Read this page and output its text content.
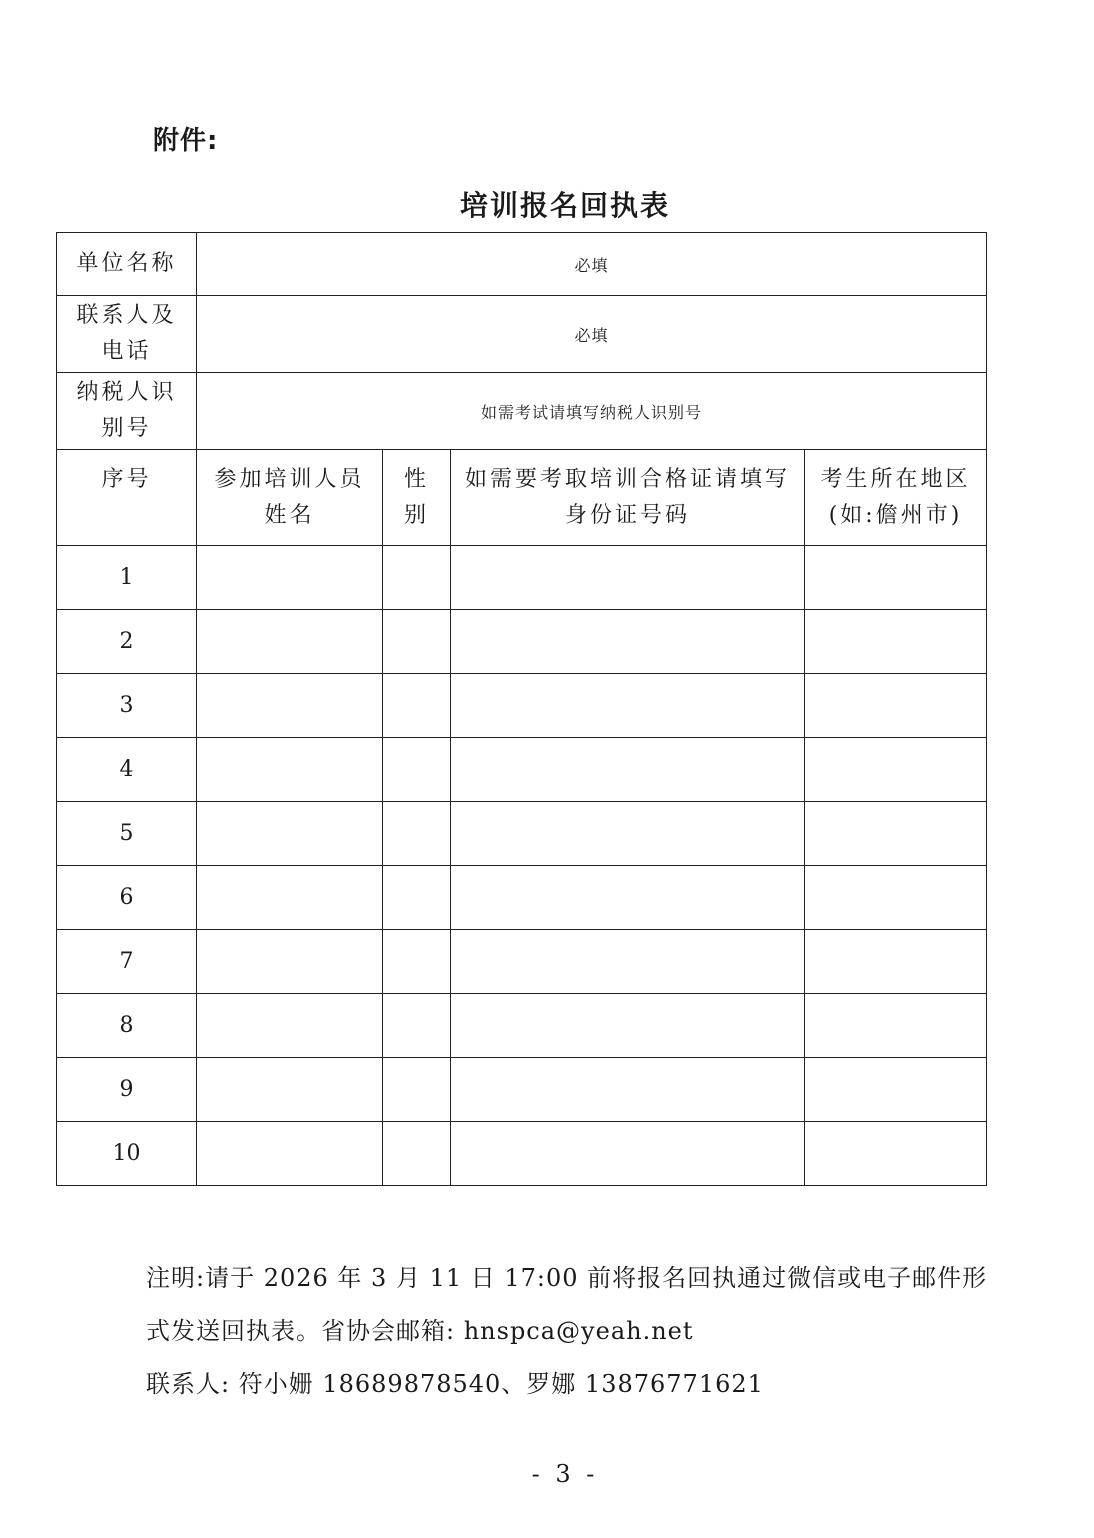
附件:
培训报名回执表
单位名称	必填			

联系人及电话	必填			

纳税人识别号	如需考试请填写纳税人识别号			
序号	参加培训人员姓名	性别	如需要考取培训合格证请填写身份证号码	考生所在地区(如:儋州市)

1				
2				
3				
4				
5				
6				
7				
8				
9				
10				
注明:请于 2026 年 3 月 11 日 17:00 前将报名回执通过微信或电子邮件形
式发送回执表。省协会邮箱: hnspca@yeah.net
联系人: 符小姗 18689878540、罗娜 13876771621
- 3 -
